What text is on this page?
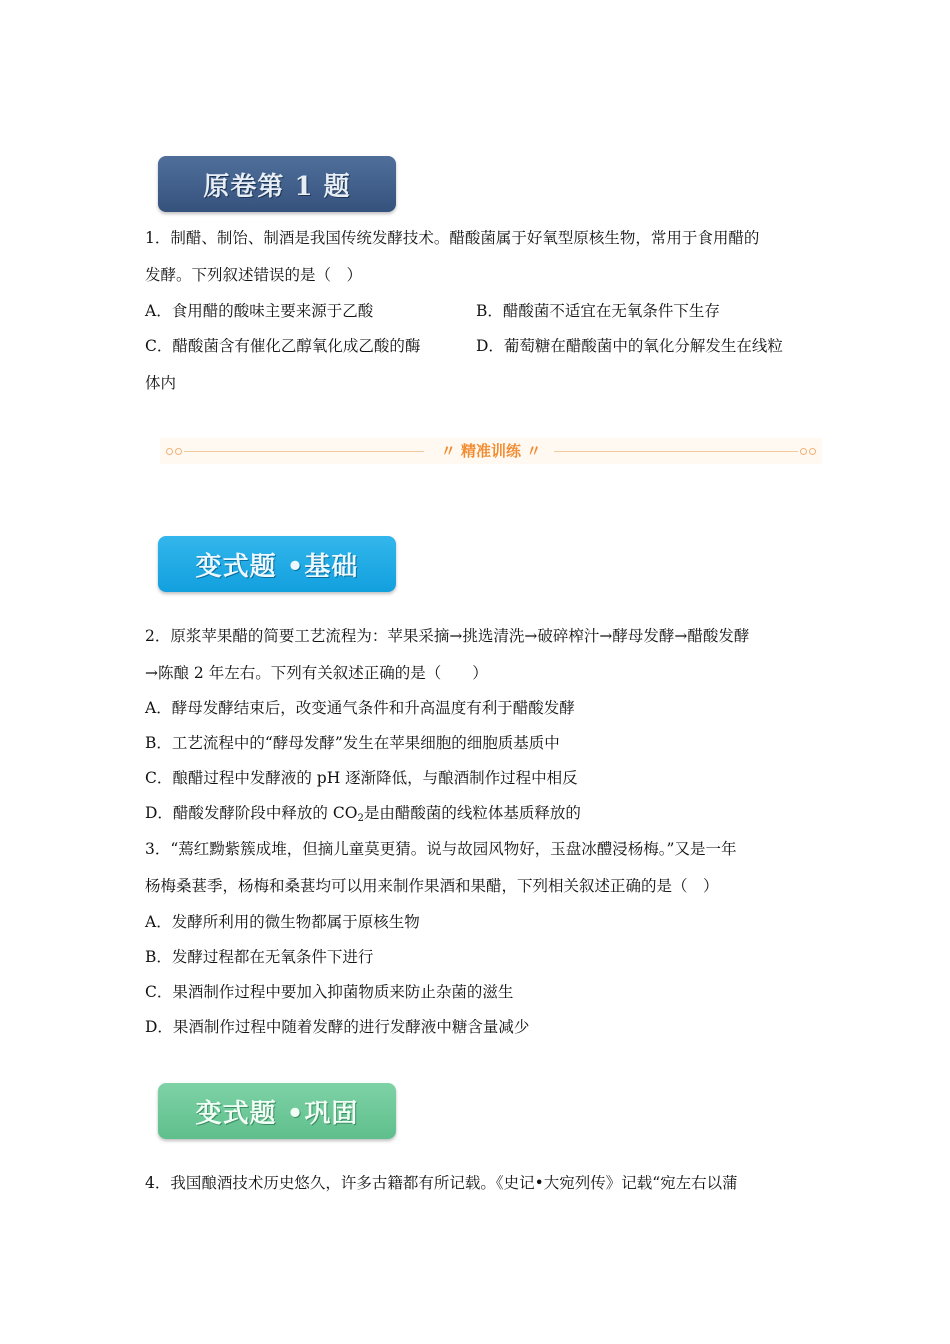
原卷第 1 题
1．制醋、制饴、制酒是我国传统发酵技术。醋酸菌属于好氧型原核生物，常用于食用醋的
发酵。下列叙述错误的是（　）
A．食用醋的酸味主要来源于乙酸	B．醋酸菌不适宜在无氧条件下生存
C．醋酸菌含有催化乙醇氧化成乙酸的酶	D．葡萄糖在醋酸菌中的氧化分解发生在线粒
体内
〃 精准训练 〃
变式题 •基础
2．原浆苹果醋的简要工艺流程为：苹果采摘→挑选清洗→破碎榨汁→酵母发酵→醋酸发酵
→陈酿 2 年左右。下列有关叙述正确的是（　　）
A．酵母发酵结束后，改变通气条件和升高温度有利于醋酸发酵
B．工艺流程中的“酵母发酵”发生在苹果细胞的细胞质基质中
C．酿醋过程中发酵液的 pH 逐渐降低，与酿酒制作过程中相反
D．醋酸发酵阶段中释放的 $CO_2$是由醋酸菌的线粒体基质释放的
3．“蔫红黝紫簇成堆，但摘儿童莫更猜。说与故园风物好，玉盘冰醴浸杨梅。”又是一年
杨梅桑葚季，杨梅和桑葚均可以用来制作果酒和果醋，下列相关叙述正确的是（　）
A．发酵所利用的微生物都属于原核生物
B．发酵过程都在无氧条件下进行
C．果酒制作过程中要加入抑菌物质来防止杂菌的滋生
D．果酒制作过程中随着发酵的进行发酵液中糖含量减少
变式题 •巩固
4．我国酿酒技术历史悠久，许多古籍都有所记载。《史记•大宛列传》记载“宛左右以蒲
